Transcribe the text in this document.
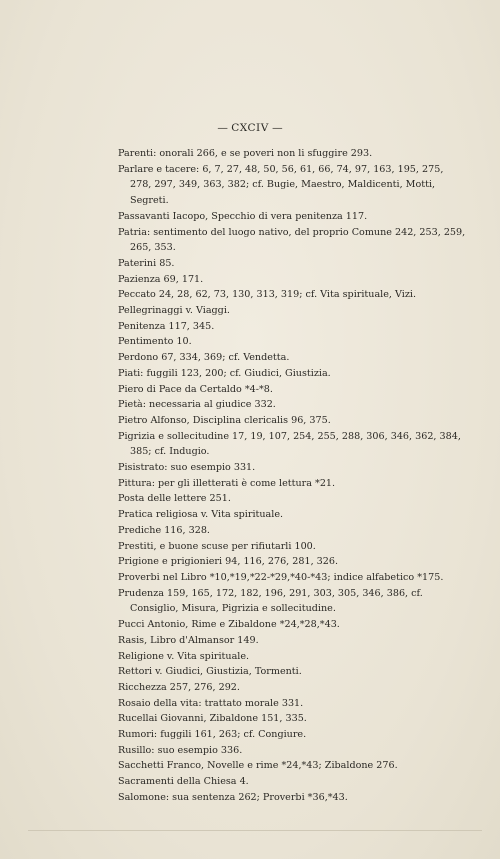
— CXCIV —

Parenti: onorali 266, e se poveri non li sfuggire 293.

Parlare e tacere: 6, 7, 27, 48, 50, 56, 61, 66, 74, 97, 163, 195, 275, 278, 297, 349, 363, 382; cf. Bugie, Maestro, Maldicenti, Motti, Segreti.

Passavanti Iacopo, Specchio di vera penitenza 117.

Patria: sentimento del luogo nativo, del proprio Comune 242, 253, 259, 265, 353.

Paterini 85.

Pazienza 69, 171.

Peccato 24, 28, 62, 73, 130, 313, 319; cf. Vita spirituale, Vizi.

Pellegrinaggi v. Viaggi.

Penitenza 117, 345.

Pentimento 10.

Perdono 67, 334, 369; cf. Vendetta.

Piati: fuggili 123, 200; cf. Giudici, Giustizia.

Piero di Pace da Certaldo *4-*8.

Pietà: necessaria al giudice 332.

Pietro Alfonso, Disciplina clericalis 96, 375.

Pigrizia e sollecitudine 17, 19, 107, 254, 255, 288, 306, 346, 362, 384, 385; cf. Indugio.

Pisistrato: suo esempio 331.

Pittura: per gli illetterati è come lettura *21.

Posta delle lettere 251.

Pratica religiosa v. Vita spirituale.

Prediche 116, 328.

Prestiti, e buone scuse per rifiutarli 100.

Prigione e prigionieri 94, 116, 276, 281, 326.

Proverbi nel Libro *10,*19,*22-*29,*40-*43; indice alfabetico *175.

Prudenza 159, 165, 172, 182, 196, 291, 303, 305, 346, 386, cf. Consiglio, Misura, Pigrizia e sollecitudine.

Pucci Antonio, Rime e Zibaldone *24,*28,*43.

Rasis, Libro d'Almansor 149.

Religione v. Vita spirituale.

Rettori v. Giudici, Giustizia, Tormenti.

Ricchezza 257, 276, 292.

Rosaio della vita: trattato morale 331.

Rucellai Giovanni, Zibaldone 151, 335.

Rumori: fuggili 161, 263; cf. Congiure.

Rusillo: suo esempio 336.

Sacchetti Franco, Novelle e rime *24,*43; Zibaldone 276.

Sacramenti della Chiesa 4.

Salomone: sua sentenza 262; Proverbi *36,*43.
